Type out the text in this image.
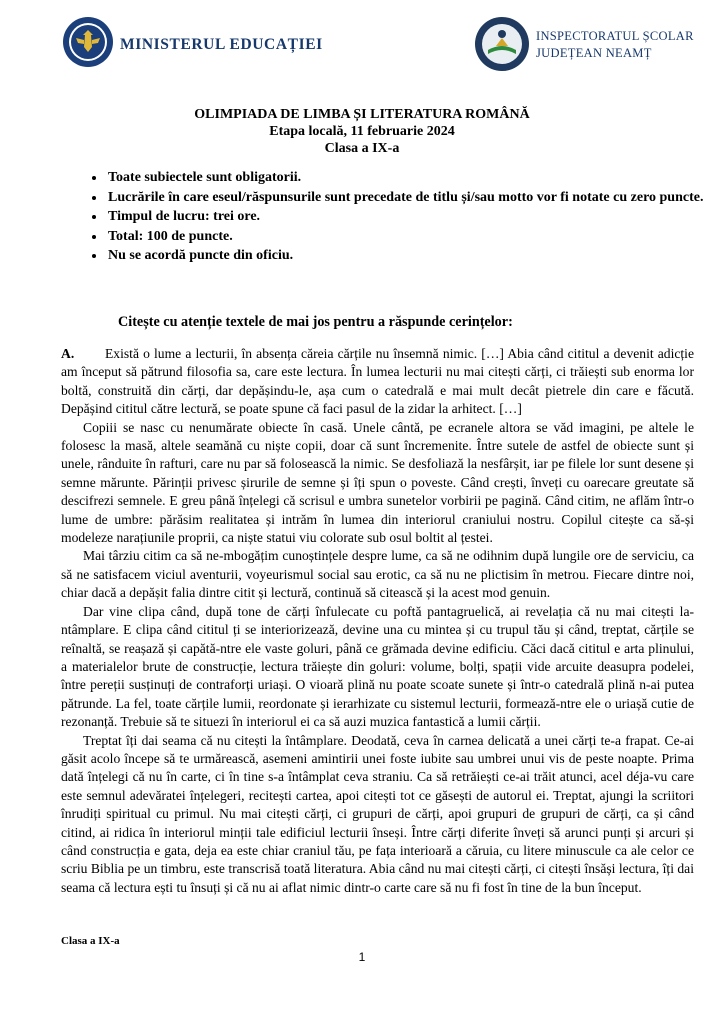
MINISTERUL EDUCAȚIEI	INSPECTORATUL ȘCOLAR
JUDEȚEAN NEAMȚ
OLIMPIADA DE LIMBA ȘI LITERATURA ROMÂNĂ
Etapa locală, 11 februarie 2024
Clasa a IX-a
• Toate subiectele sunt obligatorii.
• Lucrările în care eseul/răspunsurile sunt precedate de titlu și/sau motto vor fi notate cu zero puncte.
• Timpul de lucru: trei ore.
• Total: 100 de puncte.
• Nu se acordă puncte din oficiu.
Citește cu atenție textele de mai jos pentru a răspunde cerințelor:

A. Există o lume a lecturii, în absența căreia cărțile nu însemnă nimic. […] Abia când cititul a devenit adicție am început să pătrund filosofia sa, care este lectura. În lumea lecturii nu mai citești cărți, ci trăiești sub enorma lor boltă, construită din cărți, dar depășindu-le, așa cum o catedrală e mai mult decât pietrele din care e făcută. Depășind cititul către lectură, se poate spune că faci pasul de la zidar la arhitect. […]

Copiii se nasc cu nenumărate obiecte în casă. Unele cântă, pe ecranele altora se văd imagini, pe altele le folosesc la masă, altele seamănă cu niște copii, doar că sunt încremenite. Între sutele de astfel de obiecte sunt și unele, rânduite în rafturi, care nu par să folosească la nimic. Se desfoliază la nesfârșit, iar pe filele lor sunt desene și semne mărunte. Părinții privesc șirurile de semne și îți spun o poveste. Când crești, înveți cu oarecare greutate să descifrezi semnele. E greu până înțelegi că scrisul e umbra sunetelor vorbirii pe pagină. Când citim, ne aflăm într-o lume de umbre: părăsim realitatea și intrăm în lumea din interiorul craniului nostru. Copilul citește ca să-și modeleze narațiunile proprii, ca niște statui viu colorate sub osul boltit al țestei.

Mai târziu citim ca să ne-mbogățim cunoștințele despre lume, ca să ne odihnim după lungile ore de serviciu, ca să ne satisfacem viciul aventurii, voyeurismul social sau erotic, ca să nu ne plictisim în metrou. Fiecare dintre noi, chiar dacă a depășit falia dintre citit și lectură, continuă să citească și la acest mod genuin.

Dar vine clipa când, după tone de cărți înfulecate cu poftă pantagruelică, ai revelația că nu mai citești la-ntâmplare. E clipa când cititul ți se interiorizează, devine una cu mintea și cu trupul tău și când, treptat, cărțile se reînaltă, se reașază și capătă-ntre ele vaste goluri, până ce grămada devine edificiu. Căci dacă cititul e arta plinului, a materialelor brute de construcție, lectura trăiește din goluri: volume, bolți, spații vide arcuite deasupra podelei, între pereții susținuți de contraforți uriași. O vioară plină nu poate scoate sunete și într-o catedrală plină n-ai putea pătrunde. La fel, toate cărțile lumii, reordonate și ierarhizate cu sistemul lecturii, formează-ntre ele o uriașă cutie de rezonanță. Trebuie să te situezi în interiorul ei ca să auzi muzica fantastică a lumii cărții.

Treptat îți dai seama că nu citești la întâmplare. Deodată, ceva în carnea delicată a unei cărți te-a frapat. Ce-ai găsit acolo începe să te urmărească, asemeni amintirii unei foste iubite sau umbrei unui vis de peste noapte. Prima dată înțelegi că nu în carte, ci în tine s-a întâmplat ceva straniu. Ca să retrăiești ce-ai trăit atunci, acel déja-vu care este semnul adevăratei înțelegeri, recitești cartea, apoi citești tot ce găsești de autorul ei. Treptat, ajungi la scriitori înrudiți spiritual cu primul. Nu mai citești cărți, ci grupuri de cărți, apoi grupuri de grupuri de cărți, ca și când citind, ai ridica în interiorul minții tale edificiul lecturii înseși. Între cărți diferite înveți să arunci punți și arcuri și când construcția e gata, deja ea este chiar craniul tău, pe fața interioară a căruia, cu litere minuscule ca ale celor ce scriu Biblia pe un timbru, este transcrisă toată literatura. Abia când nu mai citești cărți, ci citești însăși lectura, îți dai seama că lectura ești tu însuți și că nu ai aflat nimic dintr-o carte care să nu fi fost în tine de la bun început.

Clasa a IX-a
1
